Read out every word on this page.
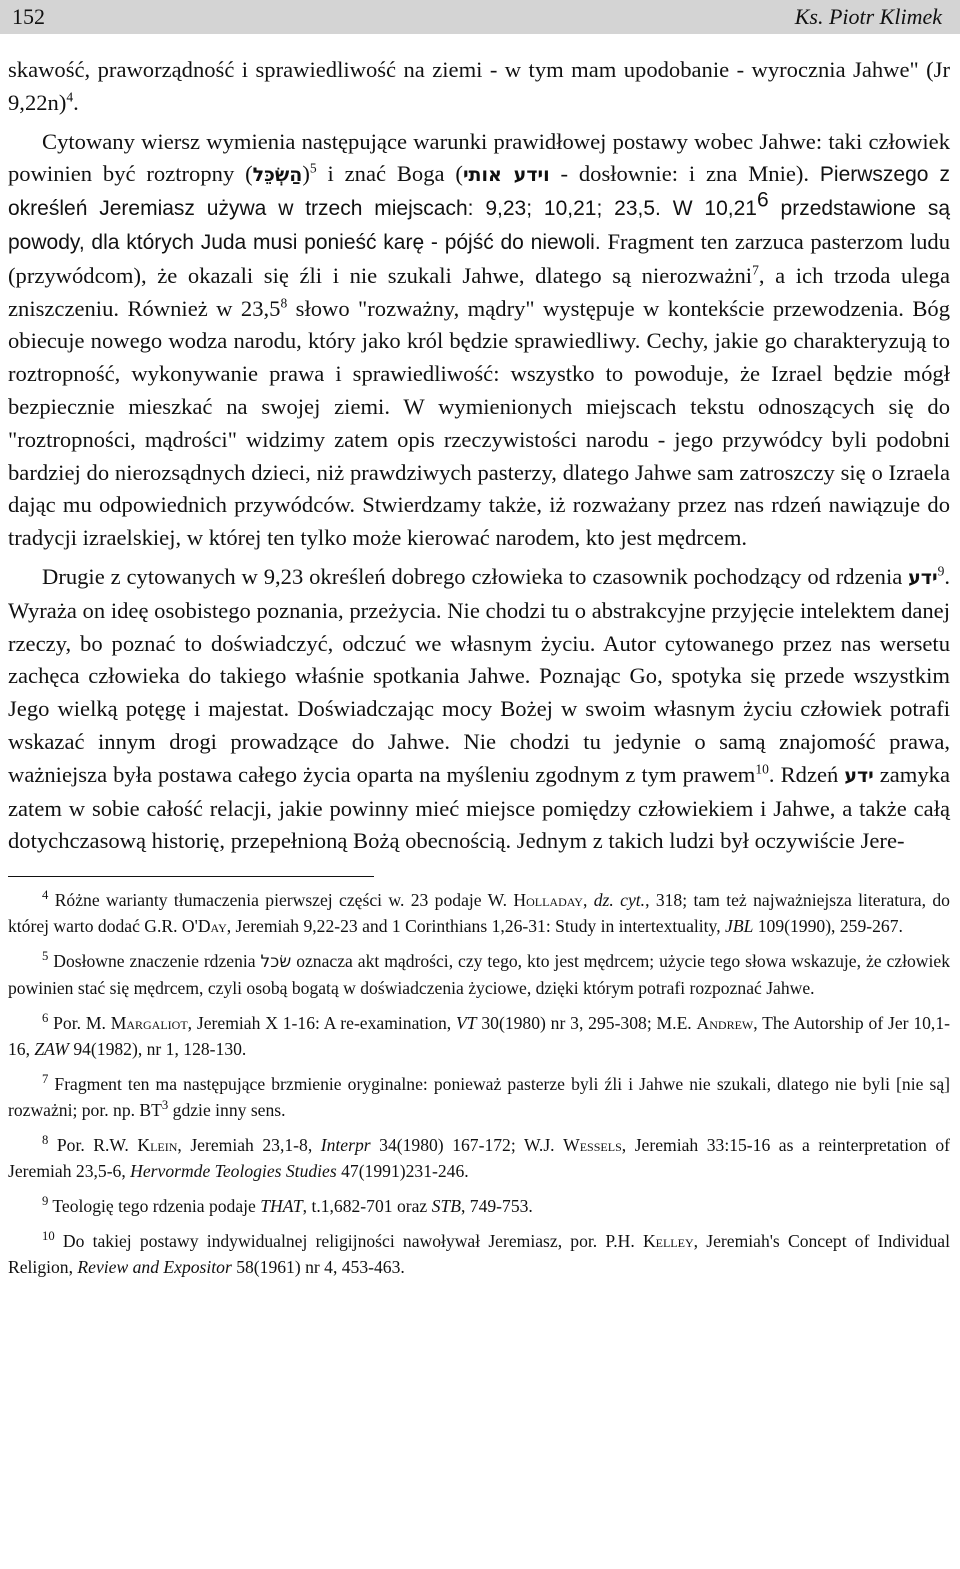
152	Ks. Piotr Klimek

skawość, praworządność i sprawiedliwość na ziemi - w tym mam upodobanie - wyrocznia Jahwe" (Jr 9,22n)$^4$.

Cytowany wiersz wymienia następujące warunki prawidłowej postawy wobec Jahwe: taki człowiek powinien być roztropny (הַשְׂכֵּל)$^5$ i znać Boga (וידע אותי - dosłownie: i zna Mnie). Pierwszego z określeń Jeremiasz używa w trzech miejscach: 9,23; 10,21; 23,5. W 10,21$^6$ przedstawione są powody, dla których Juda musi ponieść karę - pójść do niewoli. Fragment ten zarzuca pasterzom ludu (przywódcom), że okazali się źli i nie szukali Jahwe, dlatego są nierozważni$^7$, a ich trzoda ulega zniszczeniu. Również w 23,5$^8$ słowo "rozważny, mądry" występuje w kontekście przewodzenia. Bóg obiecuje nowego wodza narodu, który jako król będzie sprawiedliwy. Cechy, jakie go charakteryzują to roztropność, wykonywanie prawa i sprawiedliwość: wszystko to powoduje, że Izrael będzie mógł bezpiecznie mieszkać na swojej ziemi. W wymienionych miejscach tekstu odnoszących się do "roztropności, mądrości" widzimy zatem opis rzeczywistości narodu - jego przywódcy byli podobni bardziej do nierozsądnych dzieci, niż prawdziwych pasterzy, dlatego Jahwe sam zatroszczy się o Izraela dając mu odpowiednich przywódców. Stwierdzamy także, iż rozważany przez nas rdzeń nawiązuje do tradycji izraelskiej, w której ten tylko może kierować narodem, kto jest mędrcem.

Drugie z cytowanych w 9,23 określeń dobrego człowieka to czasownik pochodzący od rdzenia ידע$^9$. Wyraża on ideę osobistego poznania, przeżycia. Nie chodzi tu o abstrakcyjne przyjęcie intelektem danej rzeczy, bo poznać to doświadczyć, odczuć we własnym życiu. Autor cytowanego przez nas wersetu zachęca człowieka do takiego właśnie spotkania Jahwe. Poznając Go, spotyka się przede wszystkim Jego wielką potęgę i majestat. Doświadczając mocy Bożej w swoim własnym życiu człowiek potrafi wskazać innym drogi prowadzące do Jahwe. Nie chodzi tu jedynie o samą znajomość prawa, ważniejsza była postawa całego życia oparta na myśleniu zgodnym z tym prawem$^{10}$. Rdzeń ידע zamyka zatem w sobie całość relacji, jakie powinny mieć miejsce pomiędzy człowiekiem i Jahwe, a także całą dotychczasową historię, przepełnioną Bożą obecnością. Jednym z takich ludzi był oczywiście Jere-

$^4$ Różne warianty tłumaczenia pierwszej części w. 23 podaje W. Holladay, dz. cyt., 318; tam też najważniejsza literatura, do której warto dodać G.R. O'Day, Jeremiah 9,22-23 and 1 Corinthians 1,26-31: Study in intertextuality, JBL 109(1990), 259-267.

$^5$ Dosłowne znaczenie rdzenia שׂכל oznacza akt mądrości, czy tego, kto jest mędrcem; użycie tego słowa wskazuje, że człowiek powinien stać się mędrcem, czyli osobą bogatą w doświadczenia życiowe, dzięki którym potrafi rozpoznać Jahwe.

$^6$ Por. M. Margaliot, Jeremiah X 1-16: A re-examination, VT 30(1980) nr 3, 295-308; M.E. Andrew, The Autorship of Jer 10,1-16, ZAW 94(1982), nr 1, 128-130.

$^7$ Fragment ten ma następujące brzmienie oryginalne: ponieważ pasterze byli źli i Jahwe nie szukali, dlatego nie byli [nie są] rozważni; por. np. $BT^3$ gdzie inny sens.

$^8$ Por. R.W. Klein, Jeremiah 23,1-8, Interpr 34(1980) 167-172; W.J. Wessels, Jeremiah 33:15-16 as a reinterpretation of Jeremiah 23,5-6, Hervormde Teologies Studies 47(1991)231-246.

$^9$ Teologię tego rdzenia podaje THAT, t.1,682-701 oraz STB, 749-753.

$^{10}$ Do takiej postawy indywidualnej religijności nawoływał Jeremiasz, por. P.H. Kelley, Jeremiah's Concept of Individual Religion, Review and Expositor 58(1961) nr 4, 453-463.
